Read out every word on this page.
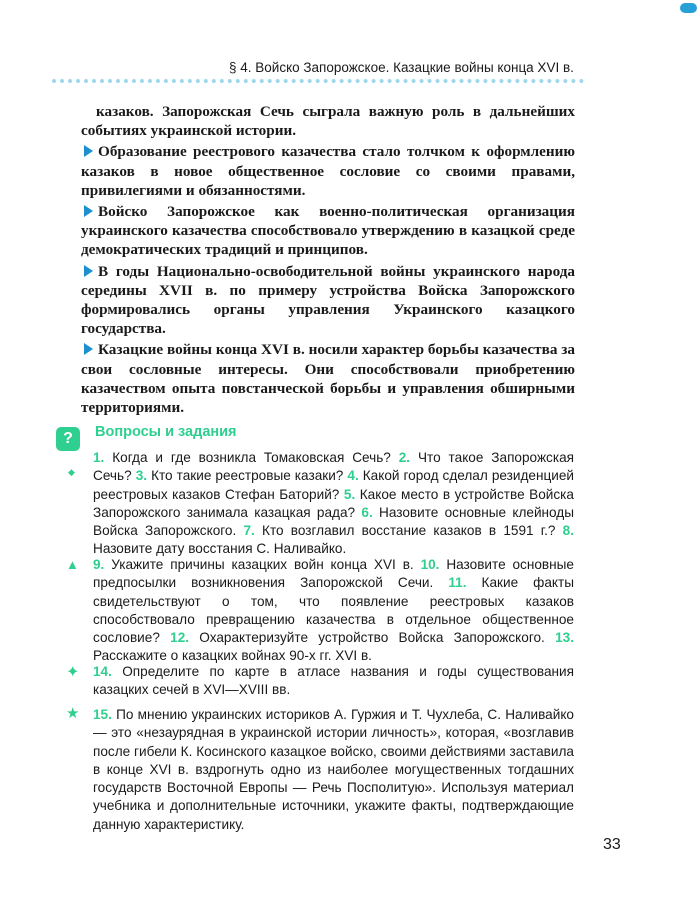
§ 4. Войско Запорожское. Казацкие войны конца XVI в.

казаков. Запорожская Сечь сыграла важную роль в дальнейших событиях украинской истории.

Образование реестрового казачества стало толчком к оформлению казаков в новое общественное сословие со своими правами, привилегиями и обязанностями.

Войско Запорожское как военно-политическая организация украинского казачества способствовало утверждению в казацкой среде демократических традиций и принципов.

В годы Национально-освободительной войны украинского народа середины XVII в. по примеру устройства Войска Запорожского формировались органы управления Украинского казацкого государства.

Казацкие войны конца XVI в. носили характер борьбы казачества за свои сословные интересы. Они способствовали приобретению казачеством опыта повстанческой борьбы и управления обширными территориями.

?	Вопросы и задания
◆
1. Когда и где возникла Томаковская Сечь? 2. Что такое Запорожская Сечь? 3. Кто такие реестровые казаки? 4. Какой город сделал резиденцией реестровых казаков Стефан Баторий? 5. Какое место в устройстве Войска Запорожского занимала казацкая рада? 6. Назовите основные клейноды Войска Запорожского. 7. Кто возглавил восстание казаков в 1591 г.? 8. Назовите дату восстания С. Наливайко.
▲ 9. Укажите причины казацких войн конца XVI в. 10. Назовите основные предпосылки возникновения Запорожской Сечи. 11. Какие факты свидетельствуют о том, что появление реестровых казаков способствовало превращению казачества в отдельное общественное сословие? 12. Охарактеризуйте устройство Войска Запорожского. 13. Расскажите о казацких войнах 90-х гг. XVI в.
✦ 14. Определите по карте в атласе названия и годы существования казацких сечей в XVI—XVIII вв.
★ 15. По мнению украинских историков А. Гуржия и Т. Чухлеба, С. Наливайко — это «незаурядная в украинской истории личность», которая, «возглавив после гибели К. Косинского казацкое войско, своими действиями заставила в конце XVI в. вздрогнуть одно из наиболее могущественных тогдашних государств Восточной Европы — Речь Посполитую». Используя материал учебника и дополнительные источники, укажите факты, подтверждающие данную характеристику.
33
